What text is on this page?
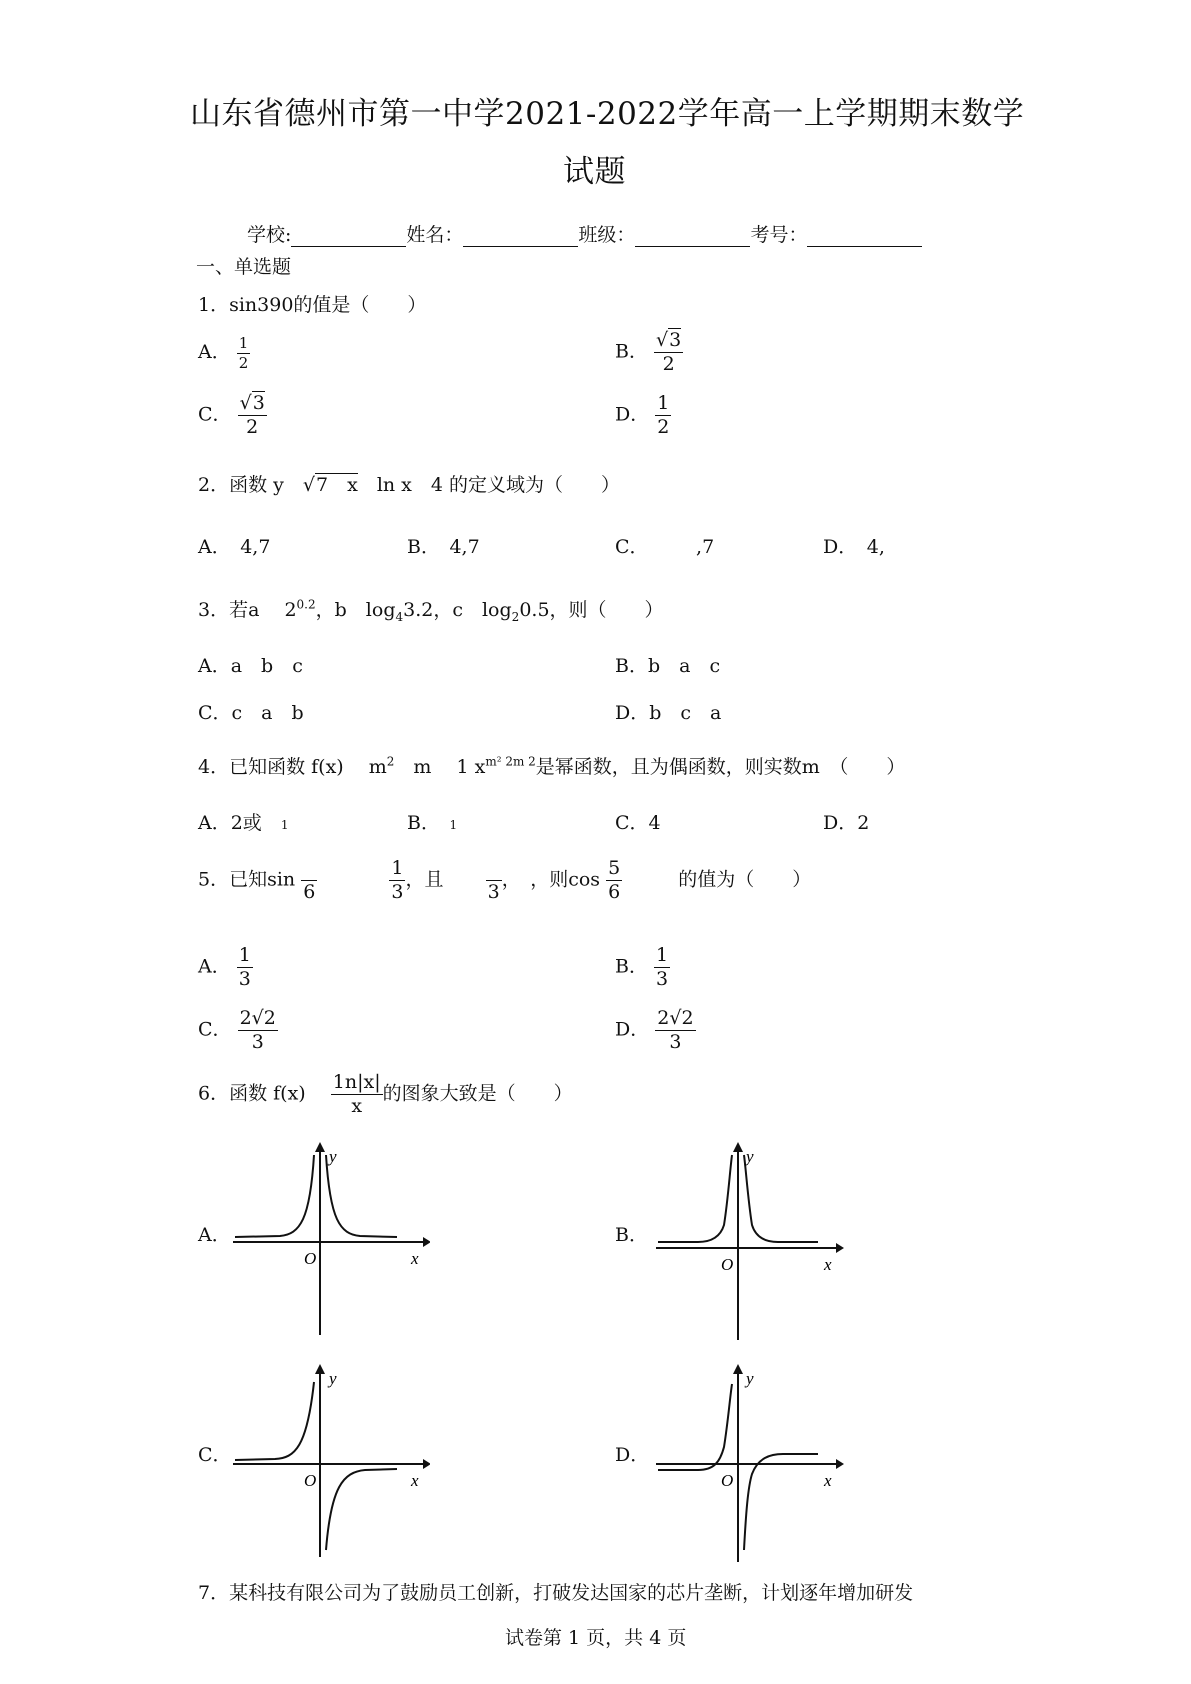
山东省德州市第一中学2021-2022学年高一上学期期末数学
试题
学校:	姓名：	班级：	考号：
一、单选题
1．sin390的值是（　　）
A． $\frac{1}{2}$	B． $\frac{√3}{2}$
C． $\frac{√3}{2}$	D． $\frac{1}{2}$
2．函数 y　√7　x　 ln x　4 的定义域为（　　）
A．　4,7	B．　4,7	C．　　　,7	D．　4,
3．若a　 $2^{0.2}$，b　$\log_43.2$，c　$\log_20.5$，则（　　）
A．a　b　c	B．b　a　c
C．c　a　b	D．b　c　a
4．已知函数 f(x)　 $m^2$　m　 1 $x^{m^2 2m 2}$是幂函数，且为偶函数，则实数m　 （　　）
A．2或　 1	B．　 1	C．4	D．2
5．已知sin

6
	$\frac{1}{3}$ ，且

3
，　，则$\cos \frac{5}{6}$	的值为（　　）
A． $\frac{1}{3}$	B． $\frac{1}{3}$
C． $\frac{2√2}{3}$	D． $\frac{2√2}{3}$
6．函数 f(x)　 $\frac{1n|x|}{x}$ 的图象大致是（　　）
A．	B．
C．	D．
y
x
O
y
x
O
y
x
O
y
x
O
7．某科技有限公司为了鼓励员工创新，打破发达国家的芯片垄断，计划逐年增加研发
试卷第 1 页，共 4 页
